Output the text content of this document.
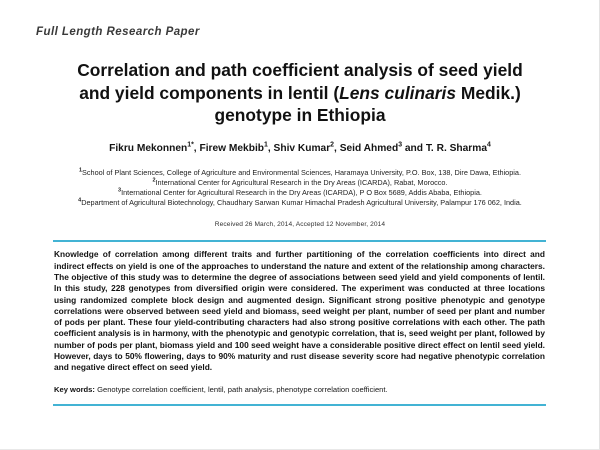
Full Length Research Paper
Correlation and path coefficient analysis of seed yield
and yield components in lentil (Lens culinaris Medik.)
genotype in Ethiopia
Fikru Mekonnen$^{1*}$, Firew Mekbib$^1$, Shiv Kumar$^2$, Seid Ahmed$^3$ and T. R. Sharma$^4$
$^1$School of Plant Sciences, College of Agriculture and Environmental Sciences, Haramaya University, P.O. Box, 138, Dire Dawa, Ethiopia.
$^2$International Center for Agricultural Research in the Dry Areas (ICARDA), Rabat, Morocco.
$^3$International Center for Agricultural Research in the Dry Areas (ICARDA), P O Box 5689, Addis Ababa, Ethiopia.
$^4$Department of Agricultural Biotechnology, Chaudhary Sarwan Kumar Himachal Pradesh Agricultural University, Palampur 176 062, India.
Received 26 March, 2014, Accepted 12 November, 2014

Knowledge of correlation among different traits and further partitioning of the correlation coefficients into direct and indirect effects on yield is one of the approaches to understand the nature and extent of the relationship among characters. The objective of this study was to determine the degree of associations between seed yield and yield components of lentil. In this study, 228 genotypes from diversified origin were considered. The experiment was conducted at three locations using randomized complete block design and augmented design. Significant strong positive phenotypic and genotype correlations were observed between seed yield and biomass, seed weight per plant, number of seed per plant and number of pods per plant. These four yield-contributing characters had also strong positive correlations with each other. The path coefficient analysis is in harmony, with the phenotypic and genotypic correlation, that is, seed weight per plant, followed by number of pods per plant, biomass yield and 100 seed weight have a considerable positive direct effect on lentil seed yield. However, days to 50% flowering, days to 90% maturity and rust disease severity score had negative phenotypic correlation and negative direct effect on seed yield.

Key words: Genotype correlation coefficient, lentil, path analysis, phenotype correlation coefficient.
